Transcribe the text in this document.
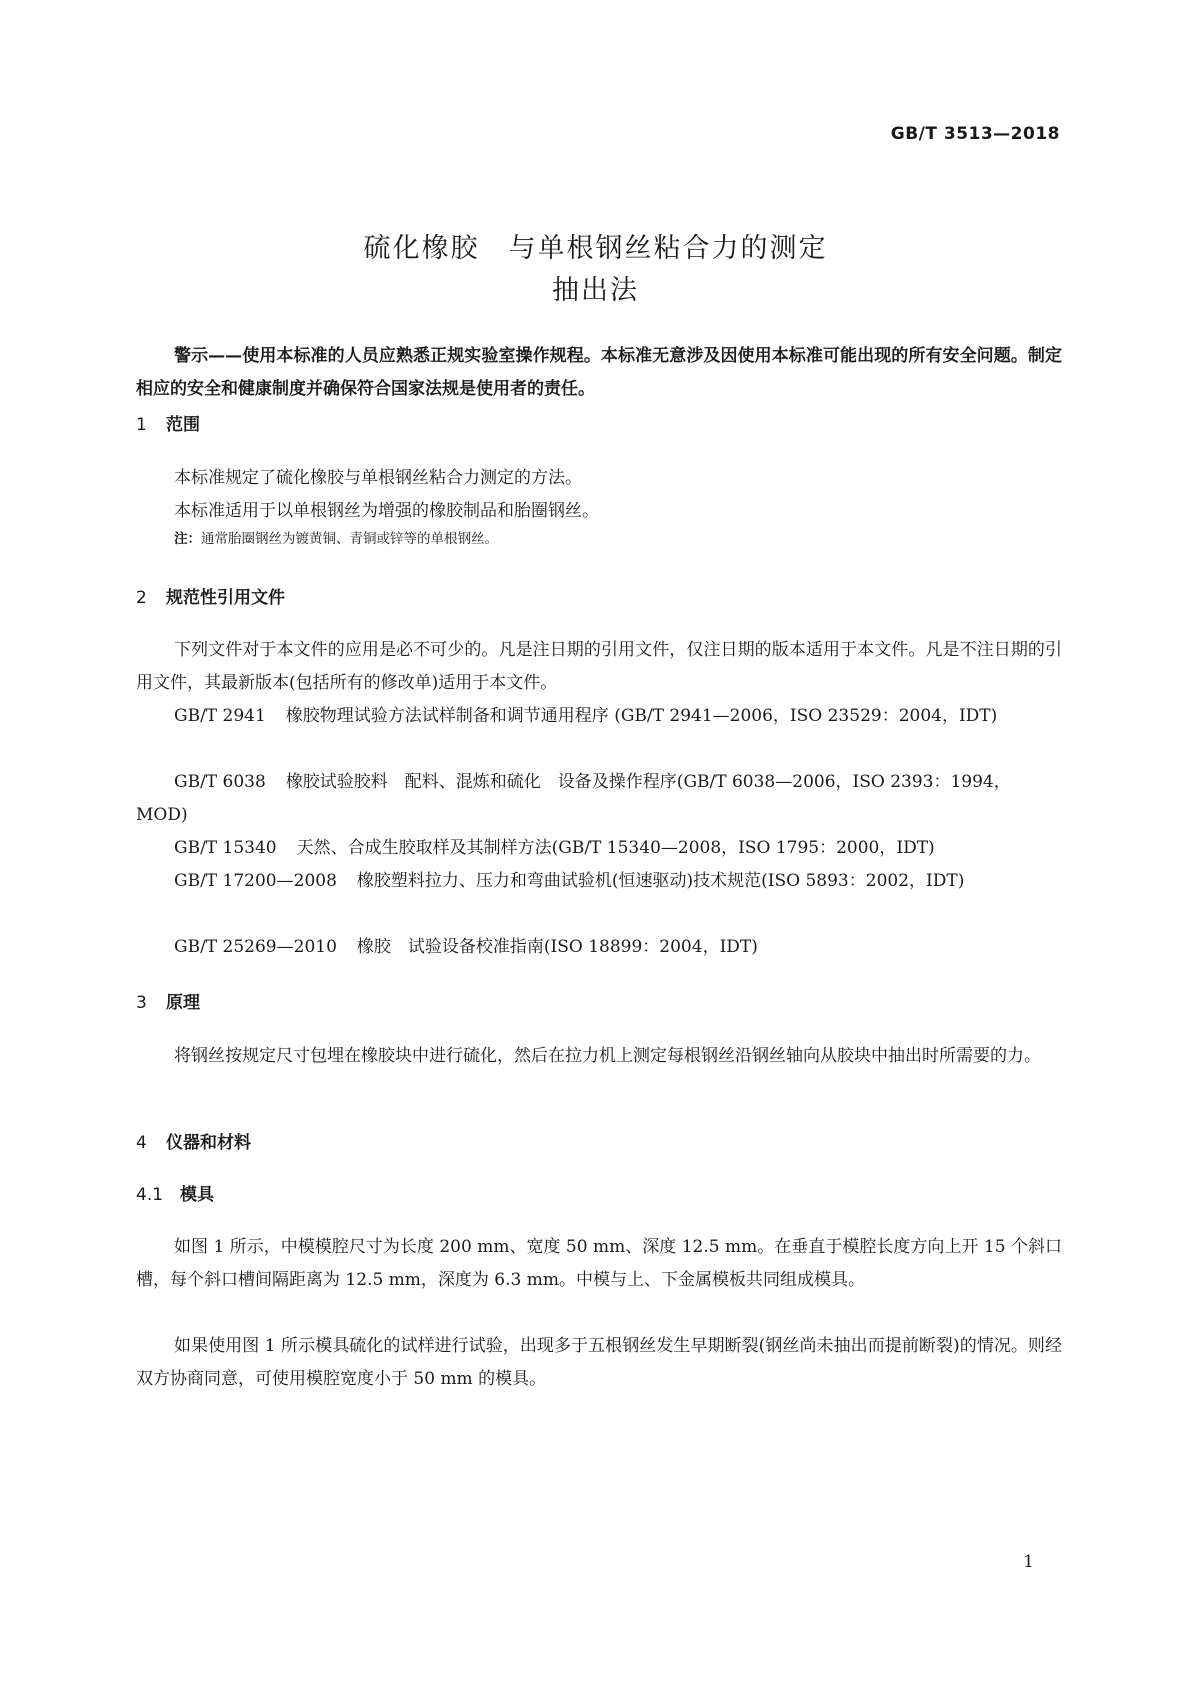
GB/T 3513—2018
硫化橡胶　与单根钢丝粘合力的测定
抽出法
警示——使用本标准的人员应熟悉正规实验室操作规程。本标准无意涉及因使用本标准可能出现的所有安全问题。制定相应的安全和健康制度并确保符合国家法规是使用者的责任。
1 范围
本标准规定了硫化橡胶与单根钢丝粘合力测定的方法。
本标准适用于以单根钢丝为增强的橡胶制品和胎圈钢丝。
注：通常胎圈钢丝为镀黄铜、青铜或锌等的单根钢丝。
2 规范性引用文件
下列文件对于本文件的应用是必不可少的。凡是注日期的引用文件，仅注日期的版本适用于本文件。凡是不注日期的引用文件，其最新版本(包括所有的修改单)适用于本文件。
GB/T 2941 橡胶物理试验方法试样制备和调节通用程序 (GB/T 2941—2006，ISO 23529：2004，IDT)
GB/T 6038 橡胶试验胶料　配料、混炼和硫化　设备及操作程序(GB/T 6038—2006，ISO 2393：1994，MOD)
GB/T 15340 天然、合成生胶取样及其制样方法(GB/T 15340—2008，ISO 1795：2000，IDT)
GB/T 17200—2008 橡胶塑料拉力、压力和弯曲试验机(恒速驱动)技术规范(ISO 5893：2002，IDT)
GB/T 25269—2010 橡胶　试验设备校准指南(ISO 18899：2004，IDT)
3 原理
将钢丝按规定尺寸包埋在橡胶块中进行硫化，然后在拉力机上测定每根钢丝沿钢丝轴向从胶块中抽出时所需要的力。
4 仪器和材料
4.1 模具
如图 1 所示，中模模腔尺寸为长度 200 mm、宽度 50 mm、深度 12.5 mm。在垂直于模腔长度方向上开 15 个斜口槽，每个斜口槽间隔距离为 12.5 mm，深度为 6.3 mm。中模与上、下金属模板共同组成模具。
如果使用图 1 所示模具硫化的试样进行试验，出现多于五根钢丝发生早期断裂(钢丝尚未抽出而提前断裂)的情况。则经双方协商同意，可使用模腔宽度小于 50 mm 的模具。
1
